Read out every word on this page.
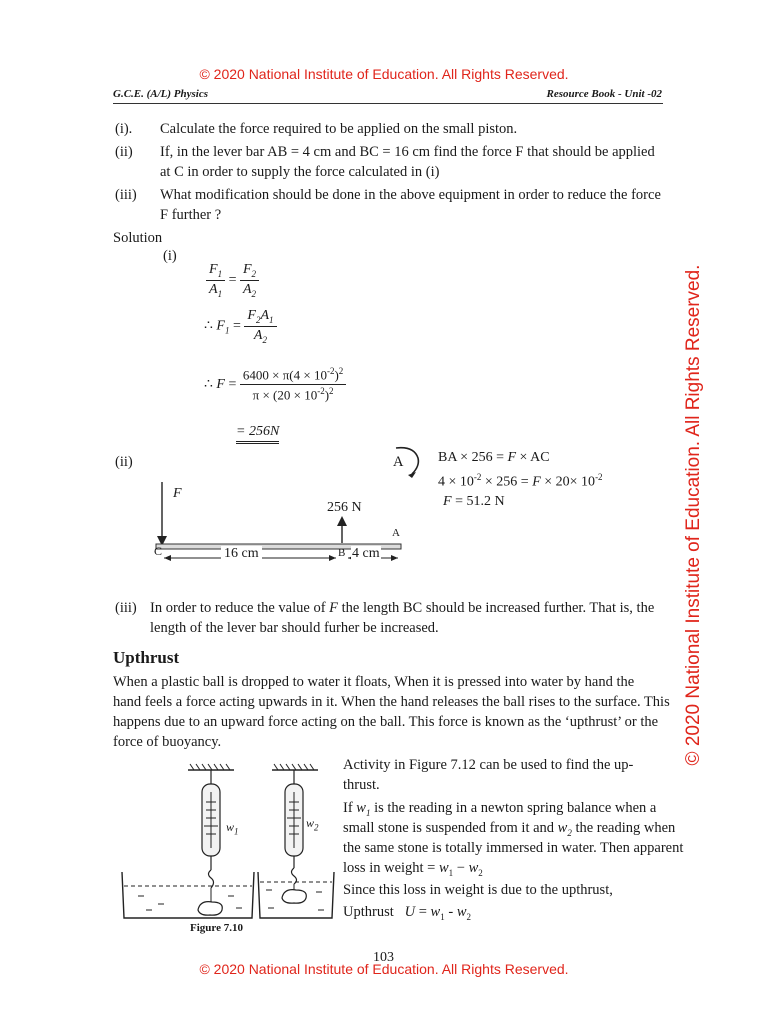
© 2020 National Institute of Education. All Rights Reserved.
G.C.E. (A/L) Physics	Resource Book - Unit -02
© 2020 National Institute of Education. All Rights Reserved.
(i). Calculate the force required to be applied on the small piston.
(ii) If, in the lever bar AB = 4 cm and BC = 16 cm find the force F that should be applied
at C in order to supply the force calculated in (i)
(iii) What modification should be done in the above equipment in order to reduce the force
F further ?
Solution
(i)
$\frac{F_1}{A_1} = \frac{F_2}{A_2}$
∴ $F_1 = \frac{F_2A_1}{A_2}$
∴ $F = \frac{6400 \times \pi(4 \times 10^{-2})^2}{\pi \times (20 \times 10^{-2})^2}$
= 256N
(ii)	A BA × 256 = F × AC
$4 \times 10^{-2} \times 256 = F \times 20\times 10^{-2}$
F = 51.2 N
F
256 N
C	B
A
16 cm	4 cm
(iii) In order to reduce the value of F the length BC should be increased further. That is, the
length of the lever bar should furher be increased.
Upthrust
When a plastic ball is dropped to water it floats, When it is pressed into water by hand the
hand feels a force acting upwards in it. When the hand releases the ball rises to the surface. This
happens due to an upward force acting on the ball. This force is known as the ‘upthrust’ or the
force of buoyancy.
Activity in Figure 7.12 can be used to find the up-
thrust.
If $w_1$ is the reading in a newton spring balance when a
small stone is suspended from it and $w_2$ the reading when
the same stone is totally immersed in water. Then apparent
loss in weight = $w_1 - w_2$
Since this loss in weight is due to the upthrust,
Upthrust $U = w_1 - w_2$
$w_1$
$w_2$
Figure 7.10
103
© 2020 National Institute of Education. All Rights Reserved.
